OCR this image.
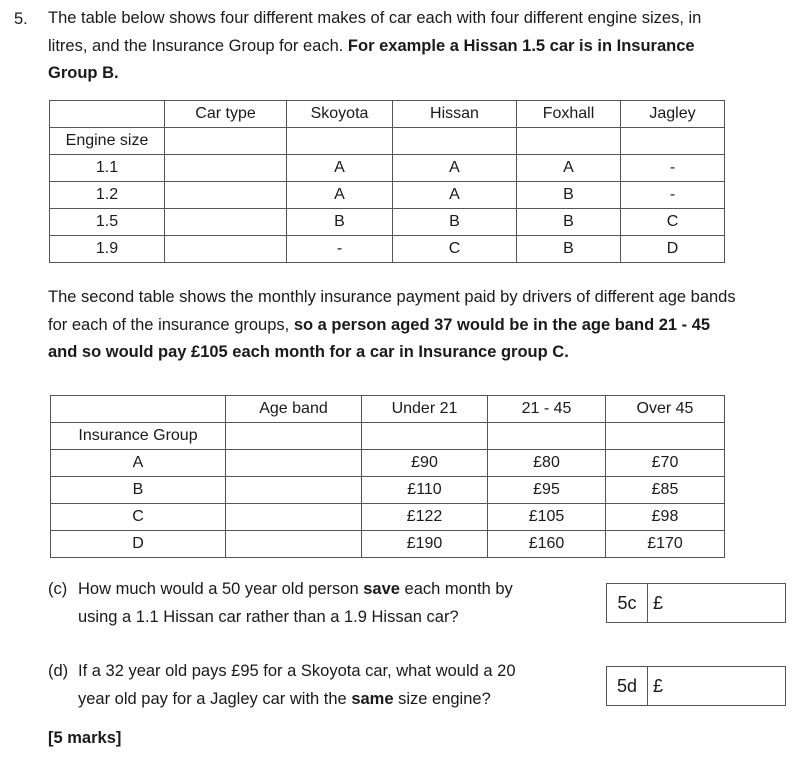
5. The table below shows four different makes of car each with four different engine sizes, in
litres, and the Insurance Group for each. For example a Hissan 1.5 car is in Insurance
Group B.

	Car type	Skoyota	Hissan	Foxhall	Jagley
Engine size					
1.1		A	A	A	-
1.2		A	A	B	-
1.5		B	B	B	C
1.9		-	C	B	D

The second table shows the monthly insurance payment paid by drivers of different age bands
for each of the insurance groups, so a person aged 37 would be in the age band 21 - 45
and so would pay £105 each month for a car in Insurance group C.

	Age band	Under 21	21 - 45	Over 45
Insurance Group				
A		£90	£80	£70
B		£110	£95	£85
C		£122	£105	£98
D		£190	£160	£170

(c) How much would a 50 year old person save each month by
using a 1.1 Hissan car rather than a 1.9 Hissan car?

5c £

(d) If a 32 year old pays £95 for a Skoyota car, what would a 20
year old pay for a Jagley car with the same size engine?

5d £
[5 marks]
